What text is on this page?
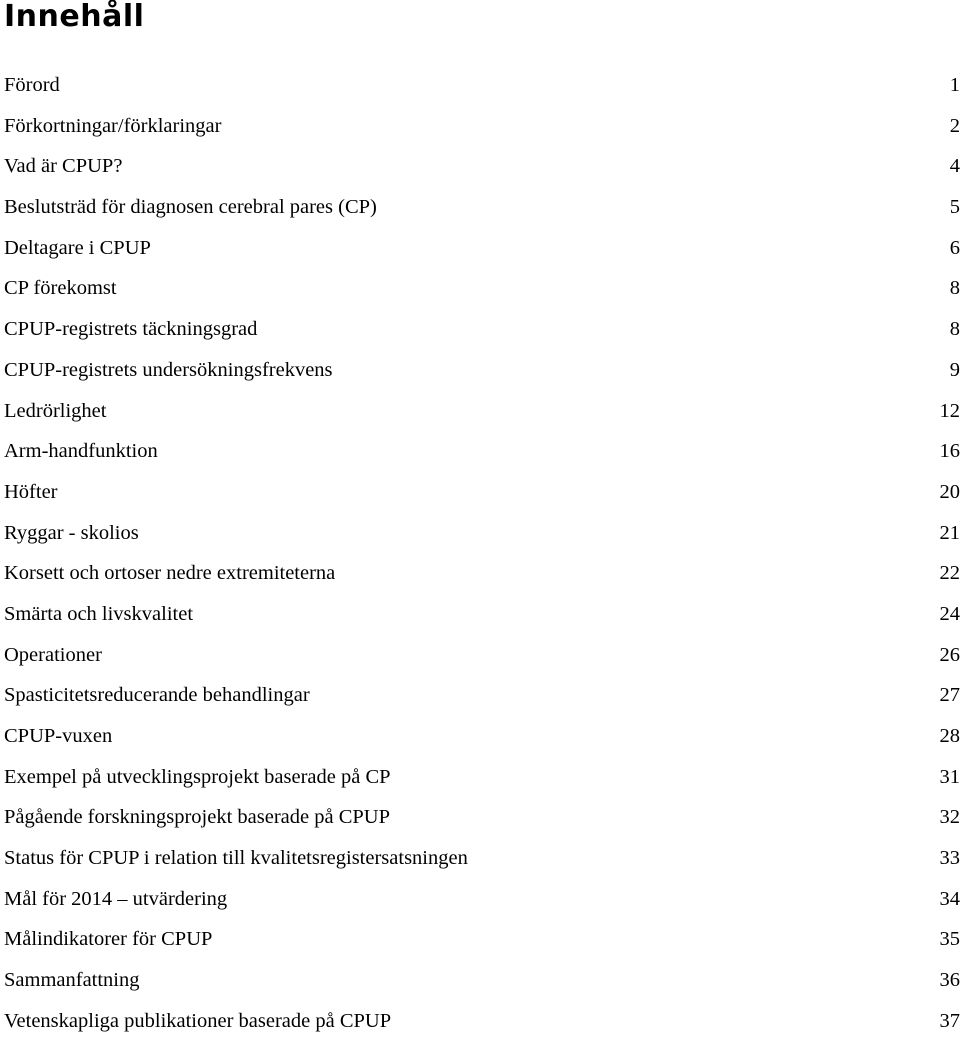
Innehåll
Förord	1
Förkortningar/förklaringar	2
Vad är CPUP?	4
Beslutsträd för diagnosen cerebral pares (CP)	5
Deltagare i CPUP	6
CP förekomst	8
CPUP-registrets täckningsgrad	8
CPUP-registrets undersökningsfrekvens	9
Ledrörlighet	12
Arm-handfunktion	16
Höfter	20
Ryggar - skolios	21
Korsett och ortoser nedre extremiteterna	22
Smärta och livskvalitet	24
Operationer	26
Spasticitetsreducerande behandlingar	27
CPUP-vuxen	28
Exempel på utvecklingsprojekt baserade på CP	31
Pågående forskningsprojekt baserade på CPUP	32
Status för CPUP i relation till kvalitetsregistersatsningen	33
Mål för 2014 – utvärdering	34
Målindikatorer för CPUP	35
Sammanfattning	36
Vetenskapliga publikationer baserade på CPUP	37
